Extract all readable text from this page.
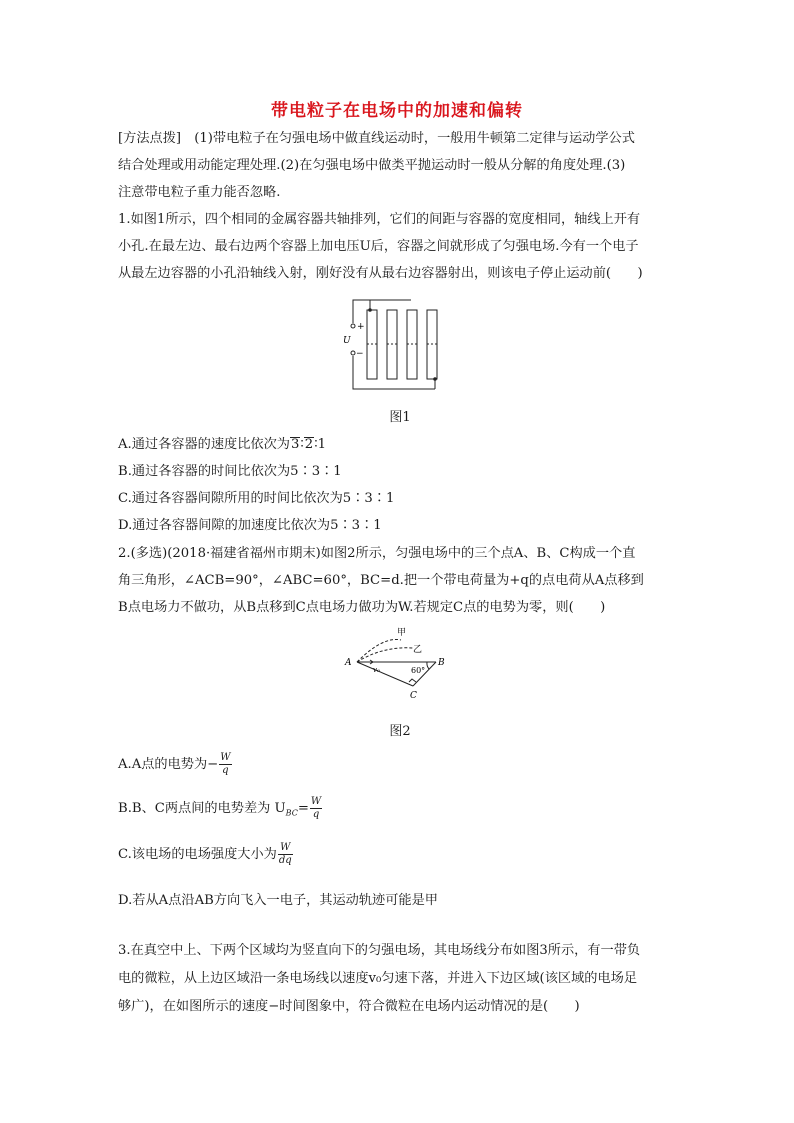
带电粒子在电场中的加速和偏转
[方法点拨]　(1)带电粒子在匀强电场中做直线运动时，一般用牛顿第二定律与运动学公式
结合处理或用动能定理处理.(2)在匀强电场中做类平抛运动时一般从分解的角度处理.(3)
注意带电粒子重力能否忽略.
1.如图1所示，四个相同的金属容器共轴排列，它们的间距与容器的宽度相同，轴线上开有
小孔.在最左边、最右边两个容器上加电压U后，容器之间就形成了匀强电场.今有一个电子
从最左边容器的小孔沿轴线入射，刚好没有从最右边容器射出，则该电子停止运动前(　　)
+
U
−
图1
A.通过各容器的速度比依次为3∶2∶1
B.通过各容器的时间比依次为5∶3∶1
C.通过各容器间隙所用的时间比依次为5∶3∶1
D.通过各容器间隙的加速度比依次为5∶3∶1
2.(多选)(2018·福建省福州市期末)如图2所示，匀强电场中的三个点A、B、C构成一个直
角三角形，∠ACB=90°，∠ABC=60°，BC=d.把一个带电荷量为+q的点电荷从A点移到
B点电场力不做功，从B点移到C点电场力做功为W.若规定C点的电势为零，则(　　)
甲
乙
A	B
C
v₀	60°
图2
A.A点的电势为− $\frac{W}{q}$
B.B、C两点间的电势差为 $U_{BC}= \frac{W}{q}$
C.该电场的电场强度大小为 $\frac{W}{dq}$
D.若从A点沿AB方向飞入一电子，其运动轨迹可能是甲
3.在真空中上、下两个区域均为竖直向下的匀强电场，其电场线分布如图3所示，有一带负
电的微粒，从上边区域沿一条电场线以速度v₀匀速下落，并进入下边区域(该区域的电场足
够广)，在如图所示的速度−时间图象中，符合微粒在电场内运动情况的是(　　)
